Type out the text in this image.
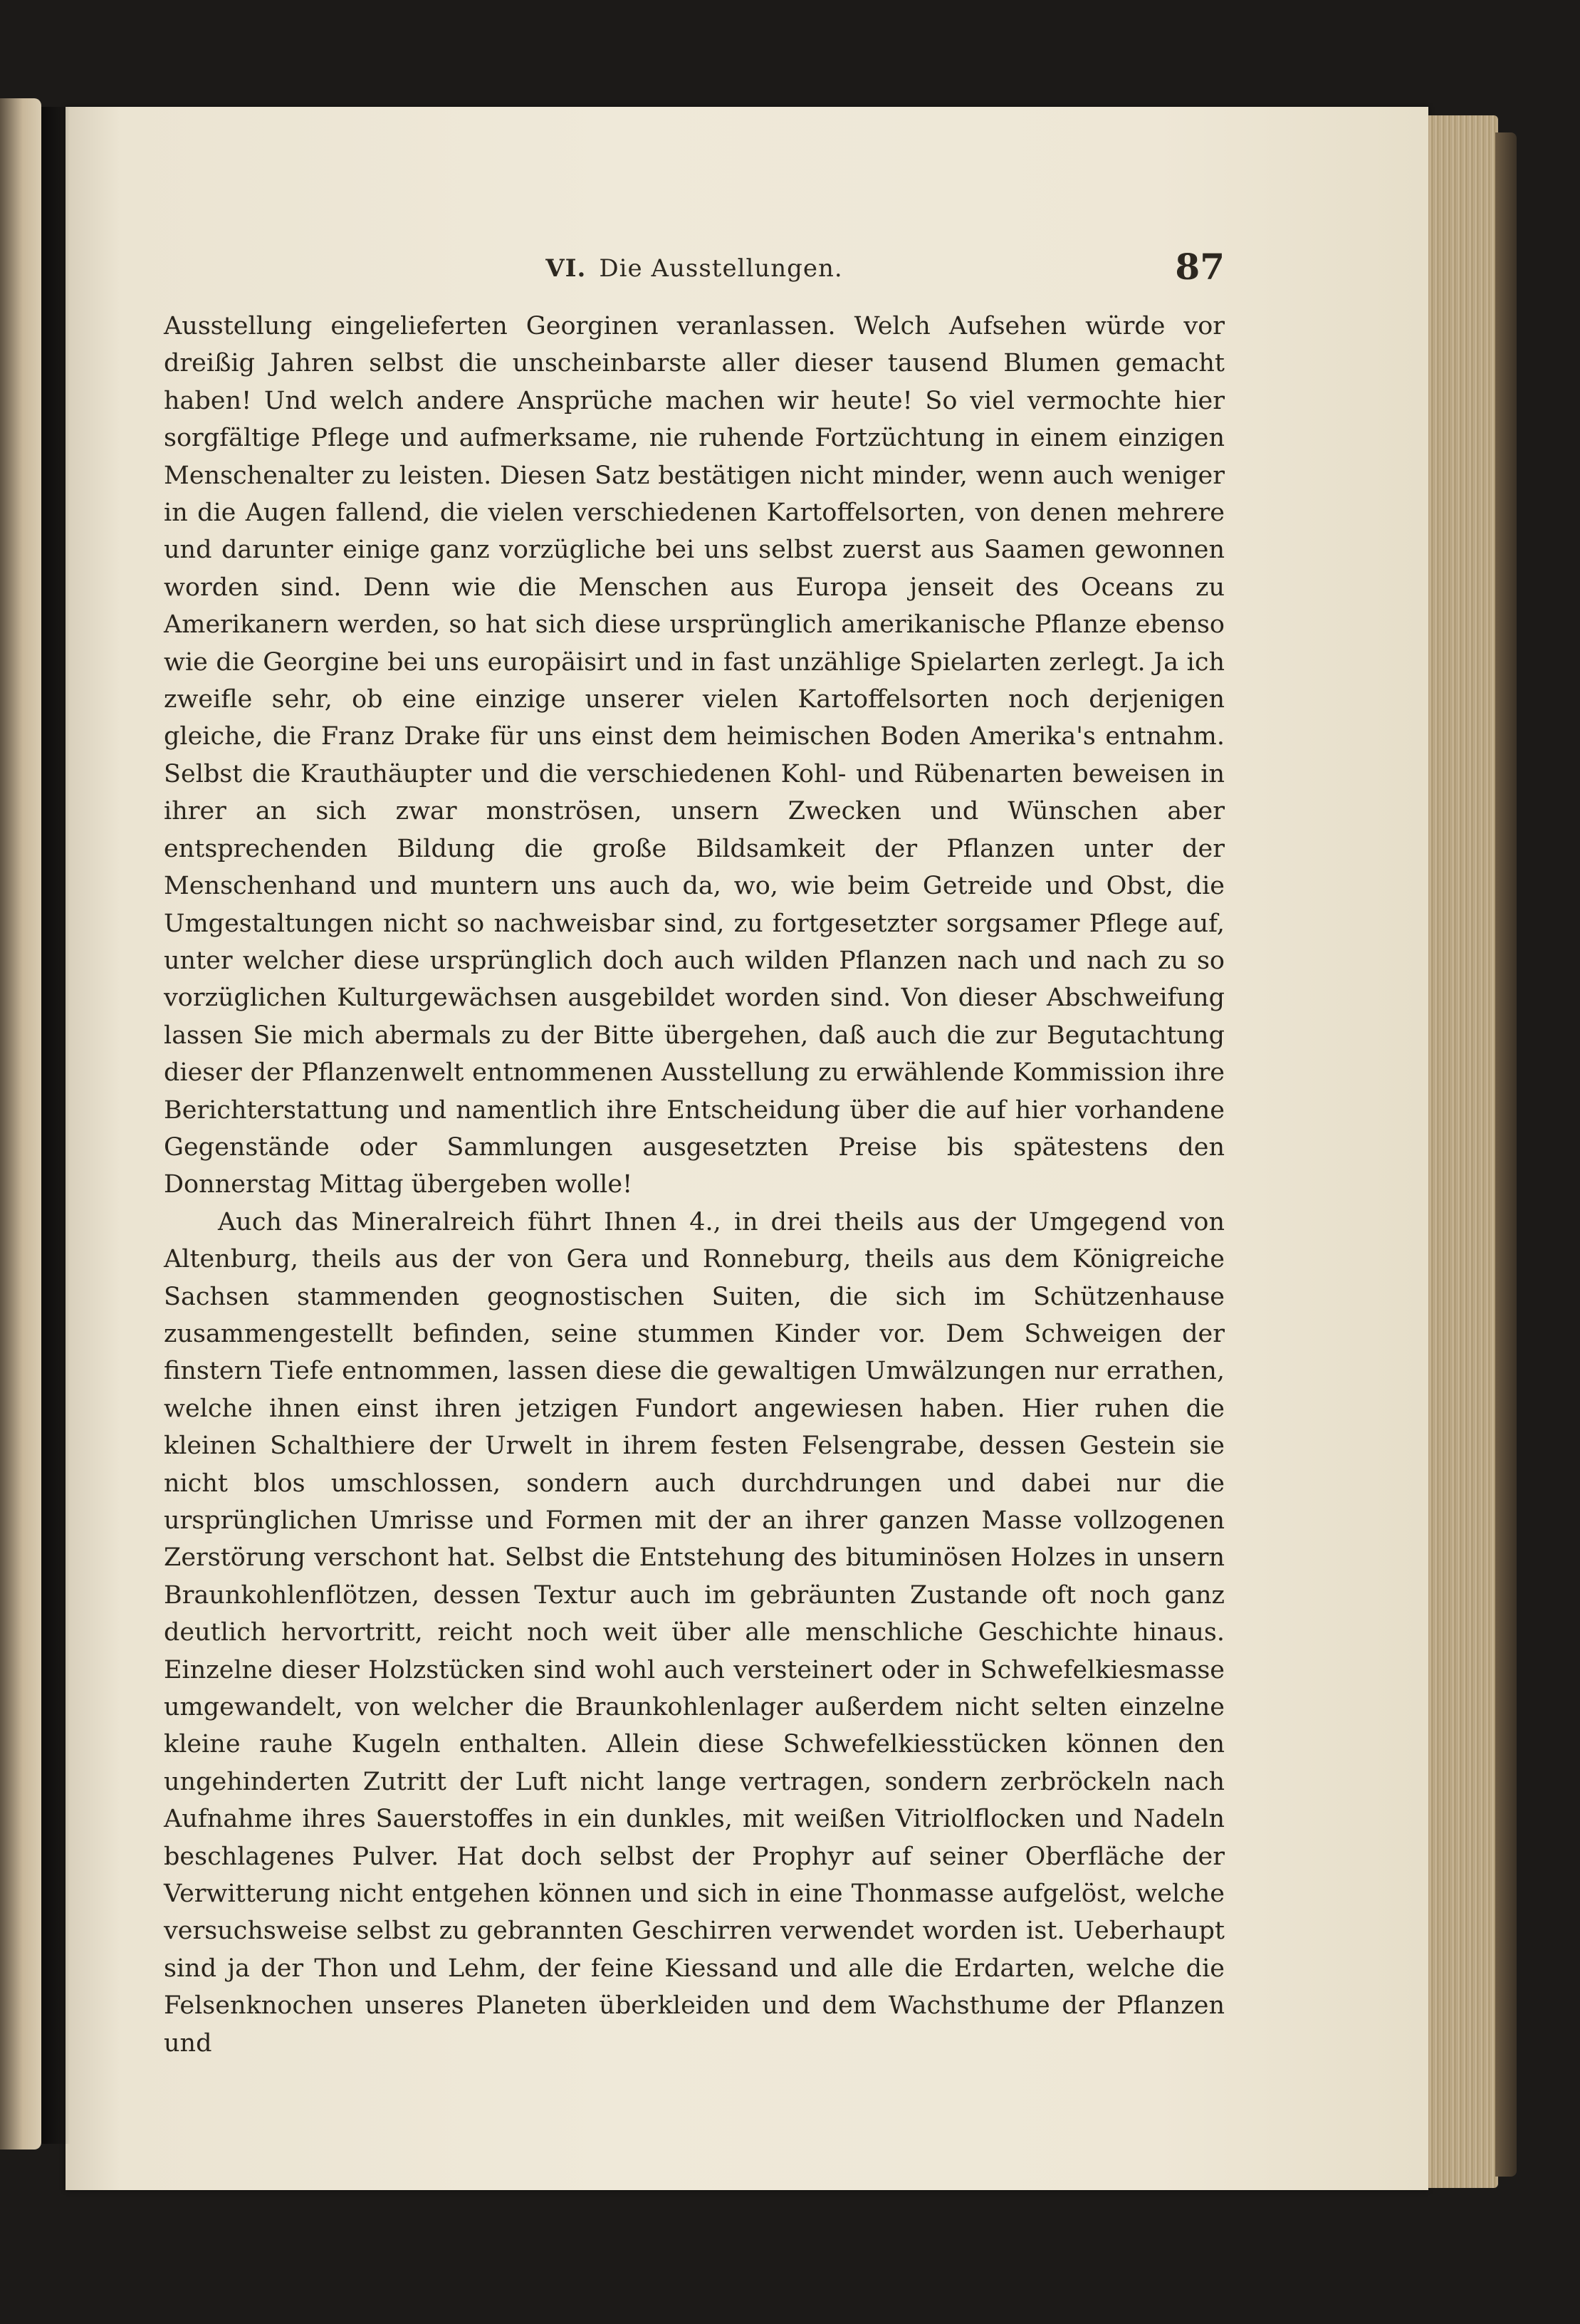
VI. Die Ausstellungen.	87

Ausstellung eingelieferten Georginen veranlassen. Welch Aufsehen würde vor dreißig Jahren selbst die unscheinbarste aller dieser tausend Blumen gemacht haben! Und welch andere Ansprüche machen wir heute! So viel vermochte hier sorgfältige Pflege und aufmerksame, nie ruhende Fortzüchtung in einem einzigen Menschenalter zu leisten. Diesen Satz bestätigen nicht minder, wenn auch weniger in die Augen fallend, die vielen verschiedenen Kartoffelsorten, von denen mehrere und darunter einige ganz vorzügliche bei uns selbst zuerst aus Saamen gewonnen worden sind. Denn wie die Menschen aus Europa jenseit des Oceans zu Amerikanern werden, so hat sich diese ursprünglich amerikanische Pflanze ebenso wie die Georgine bei uns europäisirt und in fast unzählige Spielarten zerlegt. Ja ich zweifle sehr, ob eine einzige unserer vielen Kartoffelsorten noch derjenigen gleiche, die Franz Drake für uns einst dem heimischen Boden Amerika's entnahm. Selbst die Krauthäupter und die verschiedenen Kohl- und Rübenarten beweisen in ihrer an sich zwar monströsen, unsern Zwecken und Wünschen aber entsprechenden Bildung die große Bildsamkeit der Pflanzen unter der Menschenhand und muntern uns auch da, wo, wie beim Getreide und Obst, die Umgestaltungen nicht so nachweisbar sind, zu fortgesetzter sorgsamer Pflege auf, unter welcher diese ursprünglich doch auch wilden Pflanzen nach und nach zu so vorzüglichen Kulturgewächsen ausgebildet worden sind. Von dieser Abschweifung lassen Sie mich abermals zu der Bitte übergehen, daß auch die zur Begutachtung dieser der Pflanzenwelt entnommenen Ausstellung zu erwählende Kommission ihre Berichterstattung und namentlich ihre Entscheidung über die auf hier vorhandene Gegenstände oder Sammlungen ausgesetzten Preise bis spätestens den Donnerstag Mittag übergeben wolle!

Auch das Mineralreich führt Ihnen 4., in drei theils aus der Umgegend von Altenburg, theils aus der von Gera und Ronneburg, theils aus dem Königreiche Sachsen stammenden geognostischen Suiten, die sich im Schützenhause zusammengestellt befinden, seine stummen Kinder vor. Dem Schweigen der finstern Tiefe entnommen, lassen diese die gewaltigen Umwälzungen nur errathen, welche ihnen einst ihren jetzigen Fundort angewiesen haben. Hier ruhen die kleinen Schalthiere der Urwelt in ihrem festen Felsengrabe, dessen Gestein sie nicht blos umschlossen, sondern auch durchdrungen und dabei nur die ursprünglichen Umrisse und Formen mit der an ihrer ganzen Masse vollzogenen Zerstörung verschont hat. Selbst die Entstehung des bituminösen Holzes in unsern Braunkohlenflötzen, dessen Textur auch im gebräunten Zustande oft noch ganz deutlich hervortritt, reicht noch weit über alle menschliche Geschichte hinaus. Einzelne dieser Holzstücken sind wohl auch versteinert oder in Schwefelkiesmasse umgewandelt, von welcher die Braunkohlenlager außerdem nicht selten einzelne kleine rauhe Kugeln enthalten. Allein diese Schwefelkiesstücken können den ungehinderten Zutritt der Luft nicht lange vertragen, sondern zerbröckeln nach Aufnahme ihres Sauerstoffes in ein dunkles, mit weißen Vitriolflocken und Nadeln beschlagenes Pulver. Hat doch selbst der Prophyr auf seiner Oberfläche der Verwitterung nicht entgehen können und sich in eine Thonmasse aufgelöst, welche versuchsweise selbst zu gebrannten Geschirren verwendet worden ist. Ueberhaupt sind ja der Thon und Lehm, der feine Kiessand und alle die Erdarten, welche die Felsenknochen unseres Planeten überkleiden und dem Wachsthume der Pflanzen und
